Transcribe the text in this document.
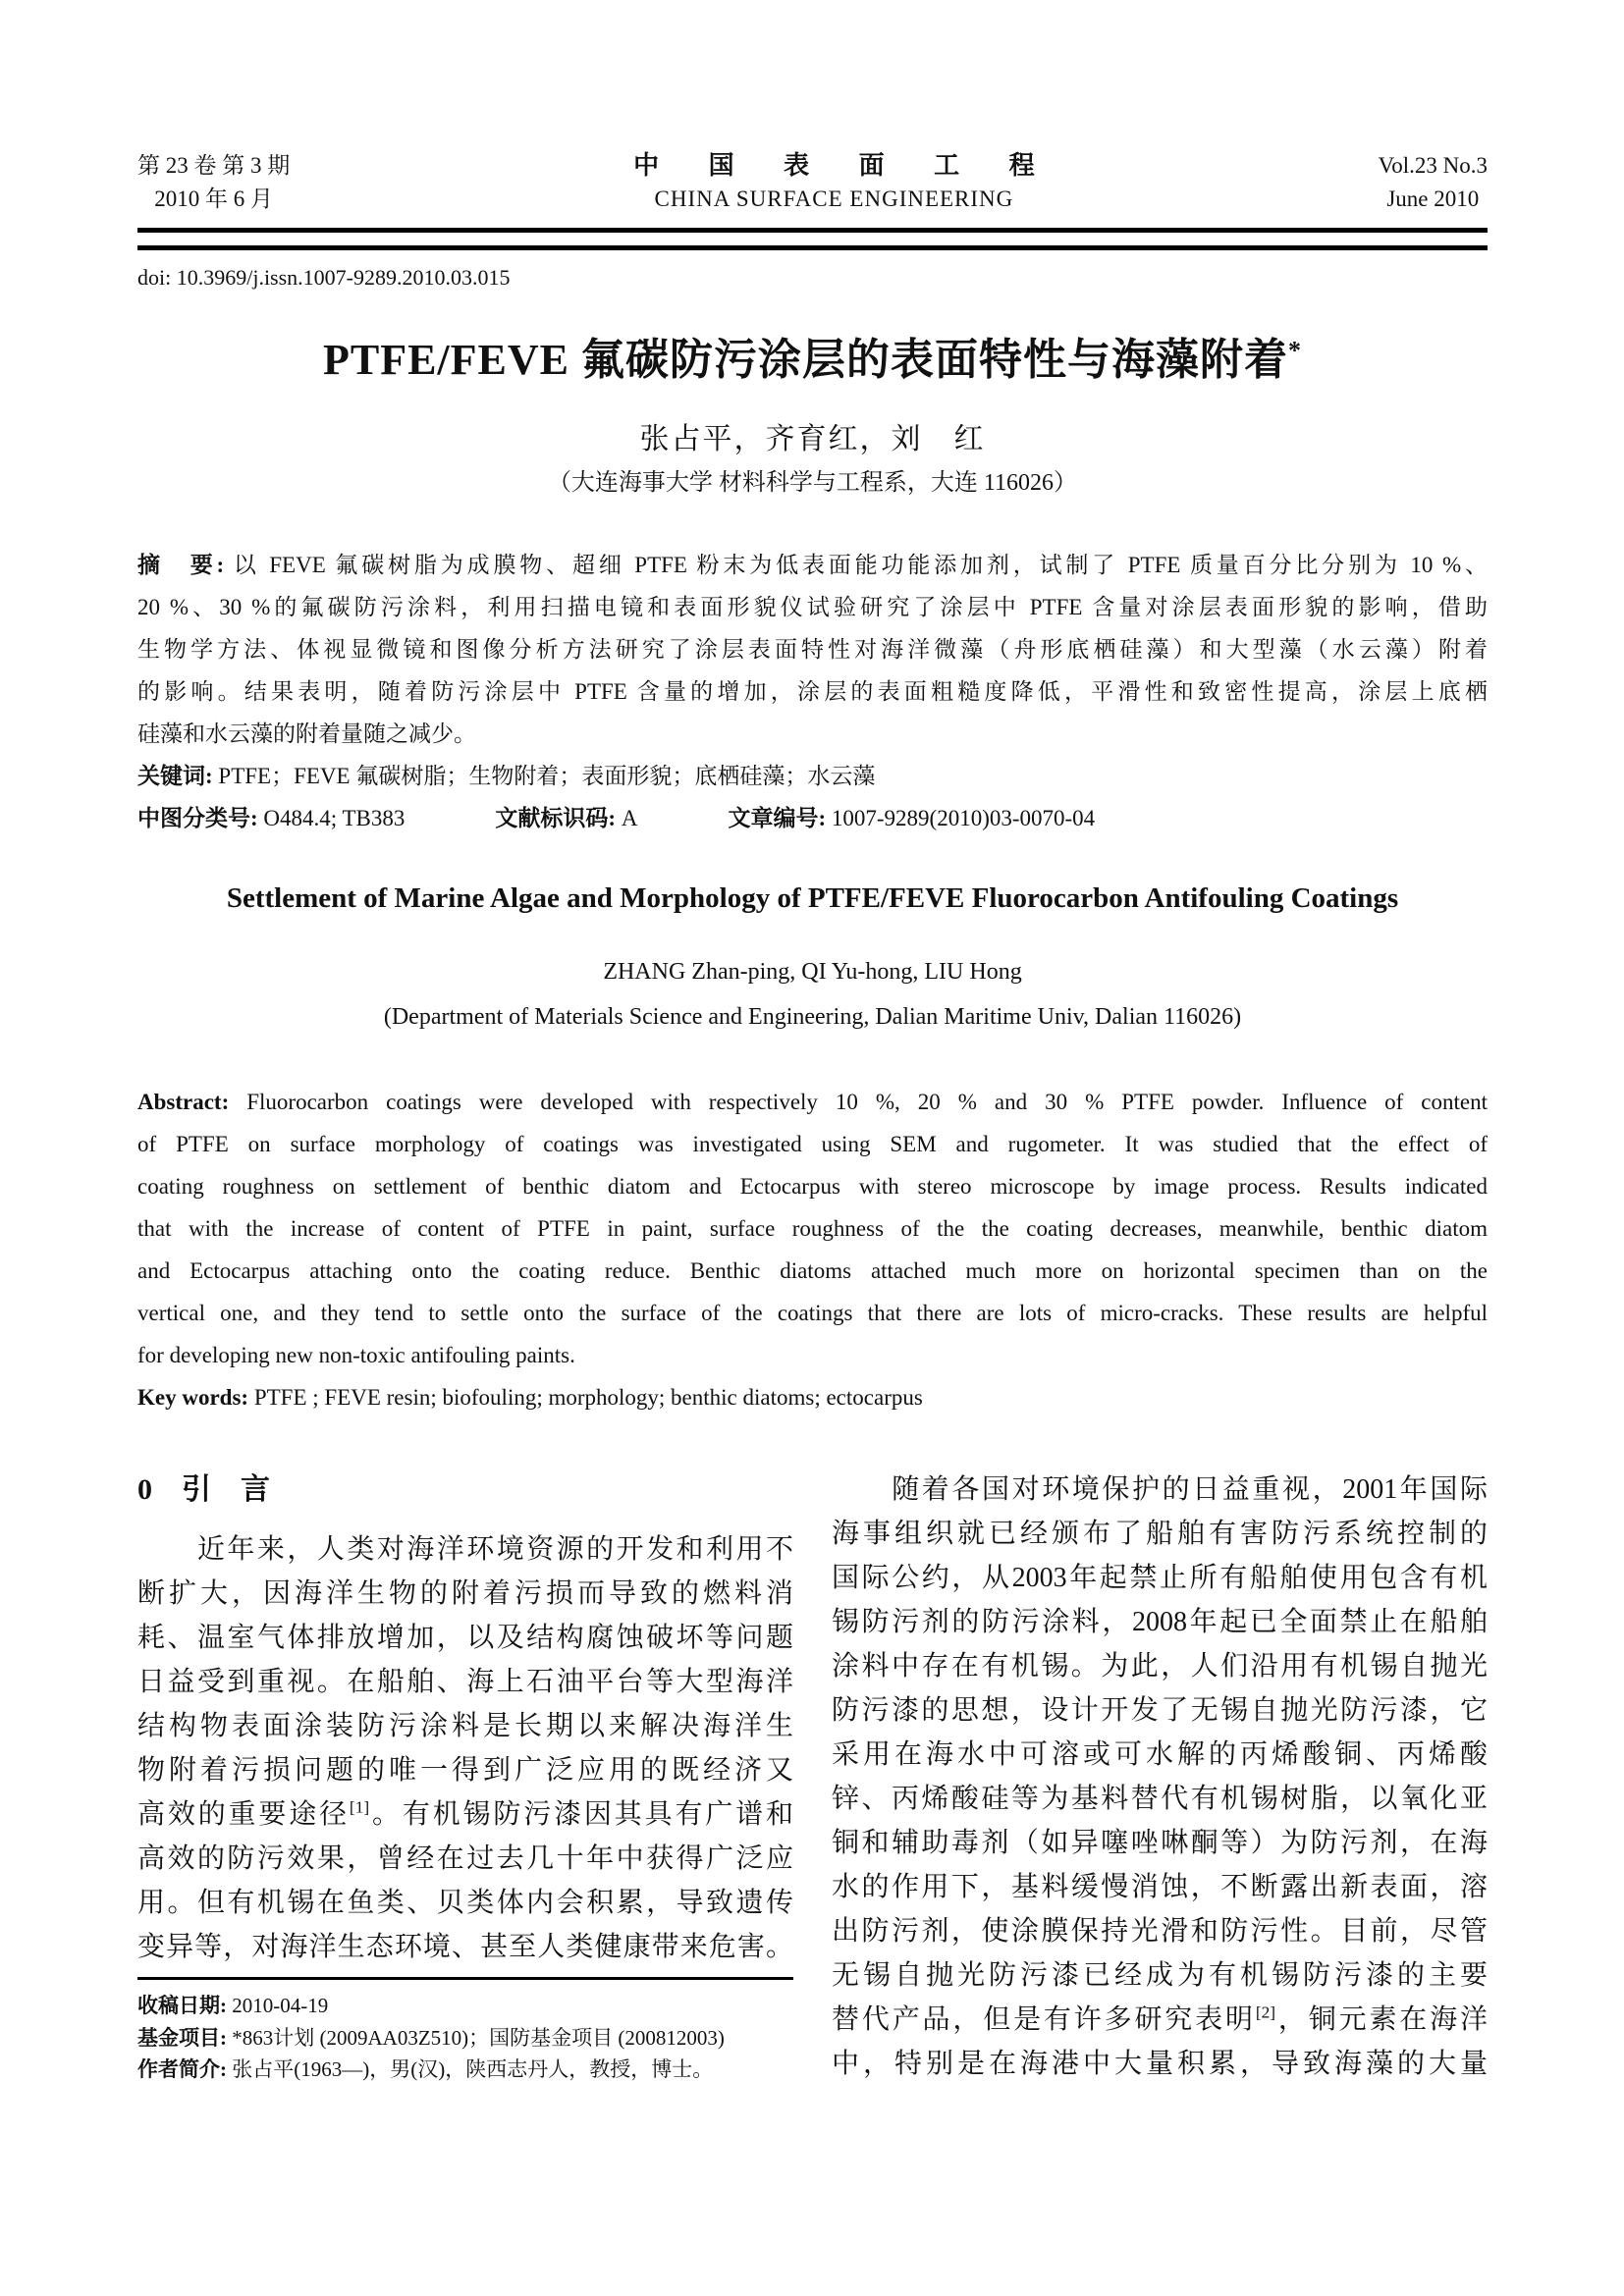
第 23 卷 第 3 期
2010 年 6 月
中 国 表 面 工 程
CHINA SURFACE ENGINEERING
Vol.23 No.3
June 2010
doi: 10.3969/j.issn.1007-9289.2010.03.015
PTFE/FEVE 氟碳防污涂层的表面特性与海藻附着*
张占平，齐育红，刘　红
（大连海事大学 材料科学与工程系，大连 116026）
摘　要: 以 FEVE 氟碳树脂为成膜物、超细 PTFE 粉末为低表面能功能添加剂，试制了 PTFE 质量百分比分别为 10 %、
20 %、30 %的氟碳防污涂料，利用扫描电镜和表面形貌仪试验研究了涂层中 PTFE 含量对涂层表面形貌的影响，借助
生物学方法、体视显微镜和图像分析方法研究了涂层表面特性对海洋微藻（舟形底栖硅藻）和大型藻（水云藻）附着
的影响。结果表明，随着防污涂层中 PTFE 含量的增加，涂层的表面粗糙度降低，平滑性和致密性提高，涂层上底栖
硅藻和水云藻的附着量随之减少。
关键词: PTFE；FEVE 氟碳树脂；生物附着；表面形貌；底栖硅藻；水云藻
中图分类号: O484.4; TB383	文献标识码: A	文章编号: 1007-9289(2010)03-0070-04
Settlement of Marine Algae and Morphology of PTFE/FEVE Fluorocarbon Antifouling Coatings
ZHANG Zhan-ping, QI Yu-hong, LIU Hong
(Department of Materials Science and Engineering, Dalian Maritime Univ, Dalian 116026)
Abstract: Fluorocarbon coatings were developed with respectively 10 %, 20 % and 30 % PTFE powder. Influence of content
of PTFE on surface morphology of coatings was investigated using SEM and rugometer. It was studied that the effect of
coating roughness on settlement of benthic diatom and Ectocarpus with stereo microscope by image process. Results indicated
that with the increase of content of PTFE in paint, surface roughness of the the coating decreases, meanwhile, benthic diatom
and Ectocarpus attaching onto the coating reduce. Benthic diatoms attached much more on horizontal specimen than on the
vertical one, and they tend to settle onto the surface of the coatings that there are lots of micro-cracks. These results are helpful
for developing new non-toxic antifouling paints.
Key words: PTFE ; FEVE resin; biofouling; morphology; benthic diatoms; ectocarpus
0　引　言
　　近年来，人类对海洋环境资源的开发和利用不
断扩大，因海洋生物的附着污损而导致的燃料消
耗、温室气体排放增加，以及结构腐蚀破坏等问题
日益受到重视。在船舶、海上石油平台等大型海洋
结构物表面涂装防污涂料是长期以来解决海洋生
物附着污损问题的唯一得到广泛应用的既经济又
高效的重要途径[1]。有机锡防污漆因其具有广谱和
高效的防污效果，曾经在过去几十年中获得广泛应
用。但有机锡在鱼类、贝类体内会积累，导致遗传
变异等，对海洋生态环境、甚至人类健康带来危害。
收稿日期: 2010-04-19
基金项目: *863计划 (2009AA03Z510)；国防基金项目 (200812003)
作者简介: 张占平(1963—)，男(汉)，陕西志丹人，教授，博士。
　　随着各国对环境保护的日益重视，2001年国际
海事组织就已经颁布了船舶有害防污系统控制的
国际公约，从2003年起禁止所有船舶使用包含有机
锡防污剂的防污涂料，2008年起已全面禁止在船舶
涂料中存在有机锡。为此，人们沿用有机锡自抛光
防污漆的思想，设计开发了无锡自抛光防污漆，它
采用在海水中可溶或可水解的丙烯酸铜、丙烯酸
锌、丙烯酸硅等为基料替代有机锡树脂，以氧化亚
铜和辅助毒剂（如异噻唑啉酮等）为防污剂，在海
水的作用下，基料缓慢消蚀，不断露出新表面，溶
出防污剂，使涂膜保持光滑和防污性。目前，尽管
无锡自抛光防污漆已经成为有机锡防污漆的主要
替代产品，但是有许多研究表明[2]，铜元素在海洋
中，特别是在海港中大量积累，导致海藻的大量
